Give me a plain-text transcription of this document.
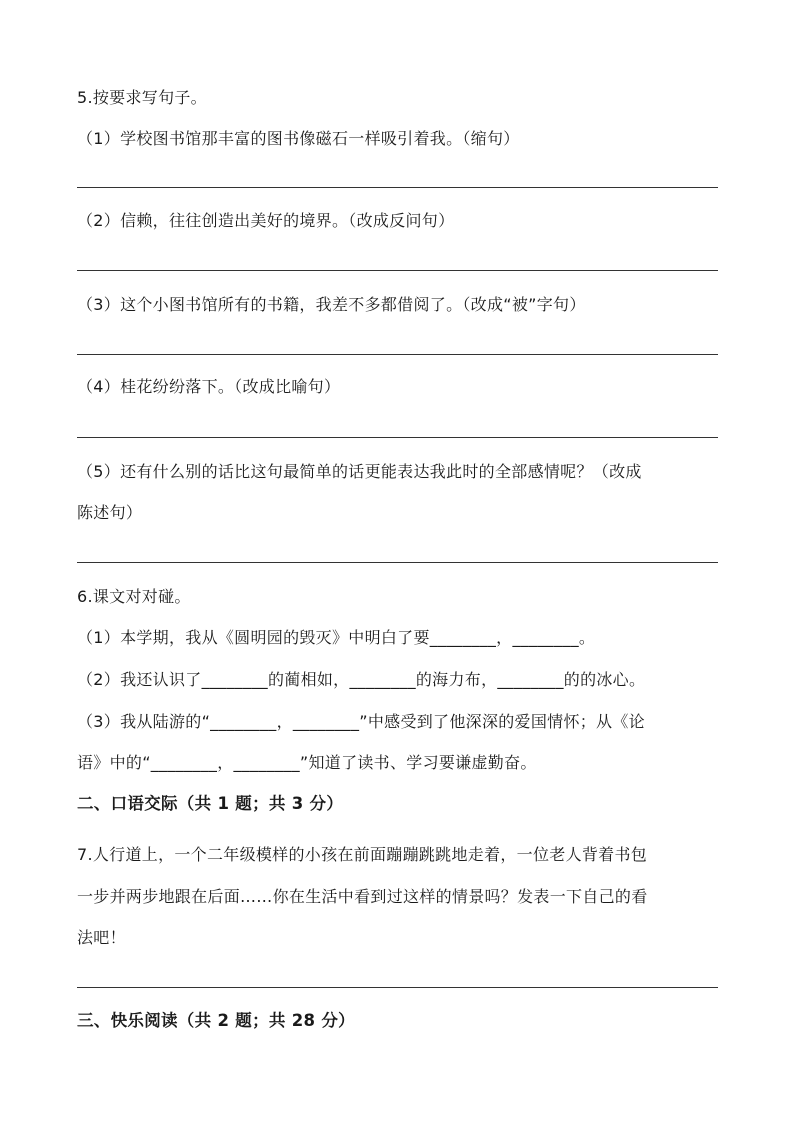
5.按要求写句子。
（1）学校图书馆那丰富的图书像磁石一样吸引着我。（缩句）
（2）信赖，往往创造出美好的境界。（改成反问句）
（3）这个小图书馆所有的书籍，我差不多都借阅了。（改成“被”字句）
（4）桂花纷纷落下。（改成比喻句）
（5）还有什么别的话比这句最简单的话更能表达我此时的全部感情呢？（改成
陈述句）
6.课文对对碰。
（1）本学期，我从《圆明园的毁灭》中明白了要________，________。
（2）我还认识了________的蔺相如，________的海力布，________的的冰心。
（3）我从陆游的“________，________”中感受到了他深深的爱国情怀；从《论
语》中的“________，________”知道了读书、学习要谦虚勤奋。
二、口语交际（共 1 题；共 3 分）
7.人行道上，一个二年级模样的小孩在前面蹦蹦跳跳地走着，一位老人背着书包
一步并两步地跟在后面……你在生活中看到过这样的情景吗？发表一下自己的看
法吧！
三、快乐阅读（共 2 题；共 28 分）
